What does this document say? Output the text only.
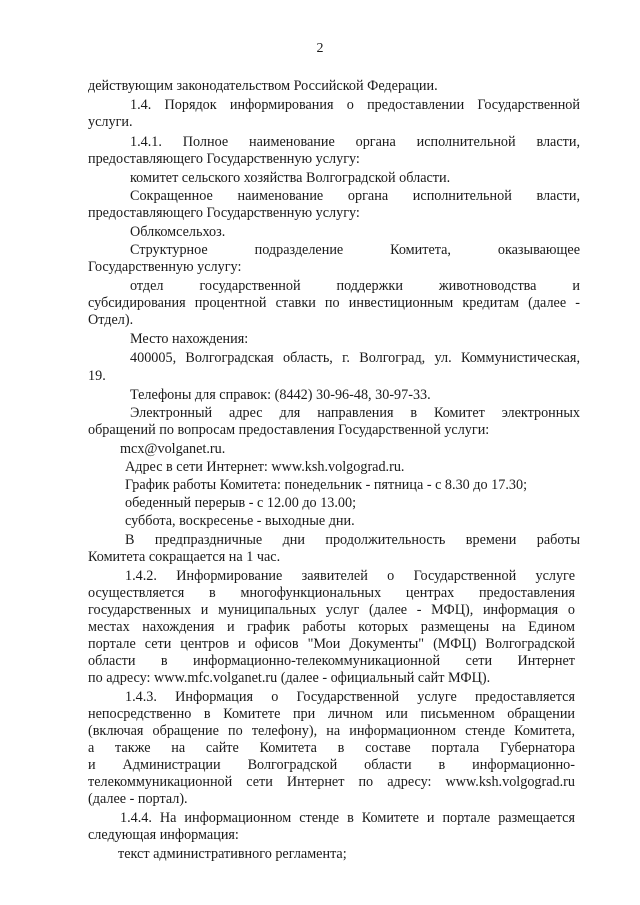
2
действующим законодательством Российской Федерации.
1.4. Порядок информирования о предоставлении Государственной
услуги.
1.4.1. Полное наименование органа исполнительной власти,
предоставляющего Государственную услугу:
комитет сельского хозяйства Волгоградской области.
Сокращенное наименование органа исполнительной власти,
предоставляющего Государственную услугу:
Облкомсельхоз.
Структурное подразделение Комитета, оказывающее
Государственную услугу:
отдел государственной поддержки животноводства и
субсидирования процентной ставки по инвестиционным кредитам (далее -
Отдел).
Место нахождения:
400005, Волгоградская область, г. Волгоград, ул. Коммунистическая,
19.
Телефоны для справок: (8442) 30-96-48, 30-97-33.
Электронный адрес для направления в Комитет электронных
обращений по вопросам предоставления Государственной услуги:
mcx@volganet.ru.
Адрес в сети Интернет: www.ksh.volgograd.ru.
График работы Комитета: понедельник - пятница - с 8.30 до 17.30;
обеденный перерыв - с 12.00 до 13.00;
суббота, воскресенье - выходные дни.
В предпраздничные дни продолжительность времени работы
Комитета сокращается на 1 час.
1.4.2. Информирование заявителей о Государственной услуге
осуществляется в многофункциональных центрах предоставления
государственных и муниципальных услуг (далее - МФЦ), информация о
местах нахождения и график работы которых размещены на Едином
портале сети центров и офисов "Мои Документы" (МФЦ) Волгоградской
области в информационно-телекоммуникационной сети Интернет
по адресу: www.mfc.volganet.ru (далее - официальный сайт МФЦ).
1.4.3. Информация о Государственной услуге предоставляется
непосредственно в Комитете при личном или письменном обращении
(включая обращение по телефону), на информационном стенде Комитета,
а также на сайте Комитета в составе портала Губернатора
и Администрации Волгоградской области в информационно-
телекоммуникационной сети Интернет по адресу: www.ksh.volgograd.ru
(далее - портал).
1.4.4. На информационном стенде в Комитете и портале размещается
следующая информация:
текст административного регламента;
